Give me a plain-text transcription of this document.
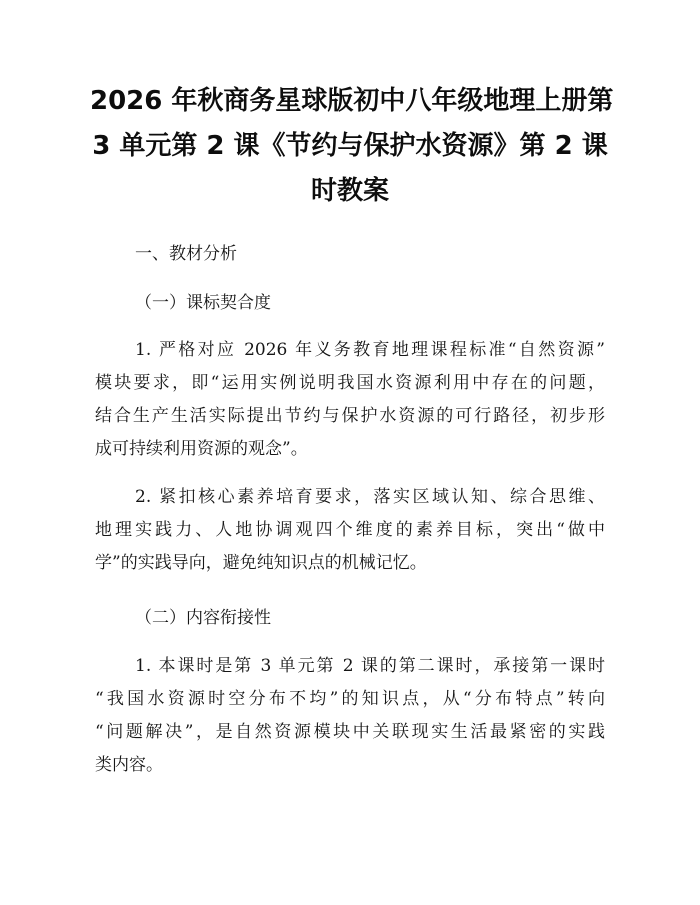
2026 年秋商务星球版初中八年级地理上册第
3 单元第 2 课《节约与保护水资源》第 2 课
时教案
一、教材分析
（一）课标契合度
1. 严格对应 2026 年义务教育地理课程标准“自然资源”
模块要求，即“运用实例说明我国水资源利用中存在的问题，
结合生产生活实际提出节约与保护水资源的可行路径，初步形
成可持续利用资源的观念”。
2. 紧扣核心素养培育要求，落实区域认知、综合思维、
地理实践力、人地协调观四个维度的素养目标，突出“做中
学”的实践导向，避免纯知识点的机械记忆。
（二）内容衔接性
1. 本课时是第 3 单元第 2 课的第二课时，承接第一课时
“我国水资源时空分布不均”的知识点，从“分布特点”转向
“问题解决”，是自然资源模块中关联现实生活最紧密的实践
类内容。
